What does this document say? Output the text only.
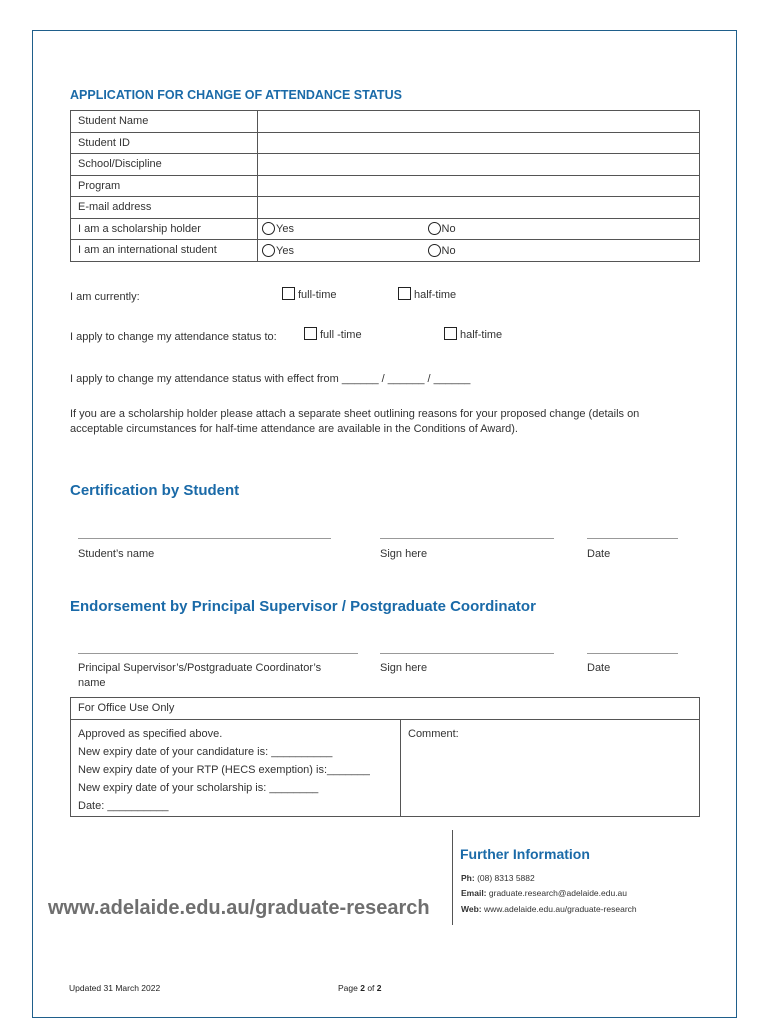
APPLICATION FOR CHANGE OF ATTENDANCE STATUS
Student Name		
Student ID		
School/Discipline		
Program		
E-mail address		
I am a scholarship holder	Yes	No
I am an international student	Yes	No
I am currently:	full-time	half-time
I apply to change my attendance status to:	full -time	half-time
I apply to change my attendance status with effect from ______ / ______ / ______
If you are a scholarship holder please attach a separate sheet outlining reasons for your proposed change (details on
acceptable circumstances for half-time attendance are available in the Conditions of Award).
Certification by Student
Student’s name	Sign here	Date
Endorsement by Principal Supervisor / Postgraduate Coordinator
Principal Supervisor’s/Postgraduate Coordinator’s
name
Sign here	Date
For Office Use Only
Approved as specified above.
New expiry date of your candidature is: __________
New expiry date of your RTP (HECS exemption) is:_______
New expiry date of your scholarship is: ________
Date: __________
Comment:
Further Information
Ph: (08) 8313 5882
Email: graduate.research@adelaide.edu.au
Web: www.adelaide.edu.au/graduate-research
www.adelaide.edu.au/graduate-research
Updated 31 March 2022	Page 2 of 2
